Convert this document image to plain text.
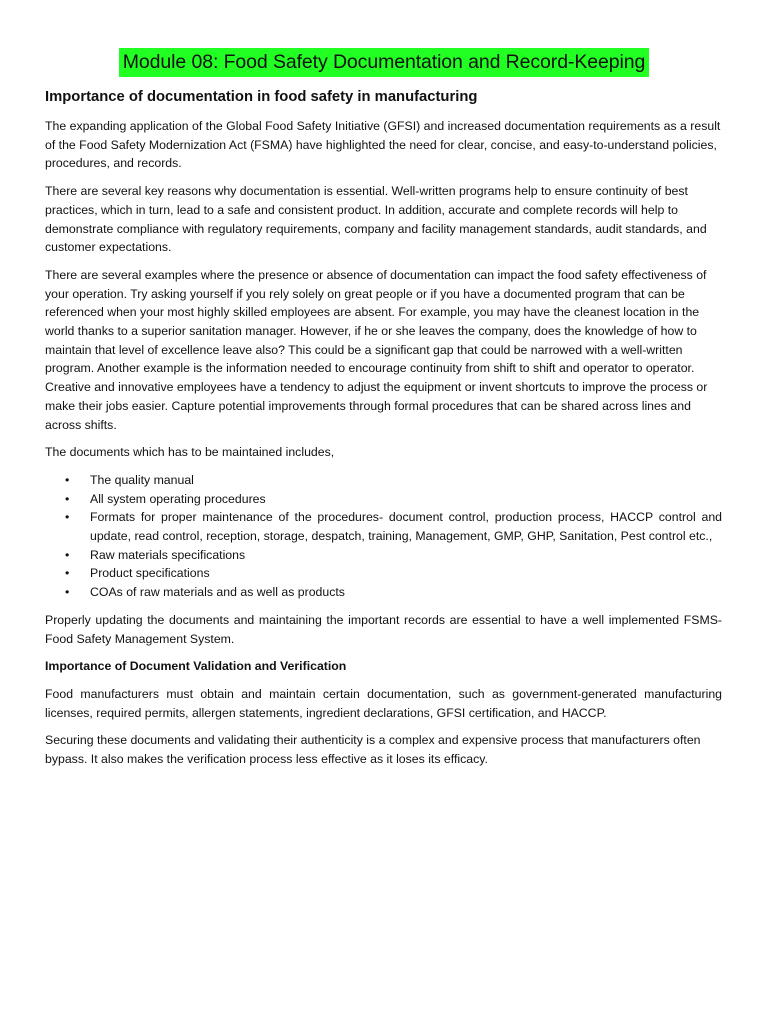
Module 08: Food Safety Documentation and Record-Keeping
Importance of documentation in food safety in manufacturing

The expanding application of the Global Food Safety Initiative (GFSI) and increased documentation requirements as a result of the Food Safety Modernization Act (FSMA) have highlighted the need for clear, concise, and easy-to-understand policies, procedures, and records.

There are several key reasons why documentation is essential. Well-written programs help to ensure continuity of best practices, which in turn, lead to a safe and consistent product. In addition, accurate and complete records will help to demonstrate compliance with regulatory requirements, company and facility management standards, audit standards, and customer expectations.

There are several examples where the presence or absence of documentation can impact the food safety effectiveness of your operation. Try asking yourself if you rely solely on great people or if you have a documented program that can be referenced when your most highly skilled employees are absent. For example, you may have the cleanest location in the world thanks to a superior sanitation manager. However, if he or she leaves the company, does the knowledge of how to maintain that level of excellence leave also? This could be a significant gap that could be narrowed with a well-written program. Another example is the information needed to encourage continuity from shift to shift and operator to operator. Creative and innovative employees have a tendency to adjust the equipment or invent shortcuts to improve the process or make their jobs easier. Capture potential improvements through formal procedures that can be shared across lines and across shifts.

The documents which has to be maintained includes,

• The quality manual
• All system operating procedures
• Formats for proper maintenance of the procedures- document control, production process, HACCP control and update, read control, reception, storage, despatch, training, Management, GMP, GHP, Sanitation, Pest control etc.,
• Raw materials specifications
• Product specifications
• COAs of raw materials and as well as products

Properly updating the documents and maintaining the important records are essential to have a well implemented FSMS- Food Safety Management System.

Importance of Document Validation and Verification

Food manufacturers must obtain and maintain certain documentation, such as government-generated manufacturing licenses, required permits, allergen statements, ingredient declarations, GFSI certification, and HACCP.

Securing these documents and validating their authenticity is a complex and expensive process that manufacturers often bypass. It also makes the verification process less effective as it loses its efficacy.
